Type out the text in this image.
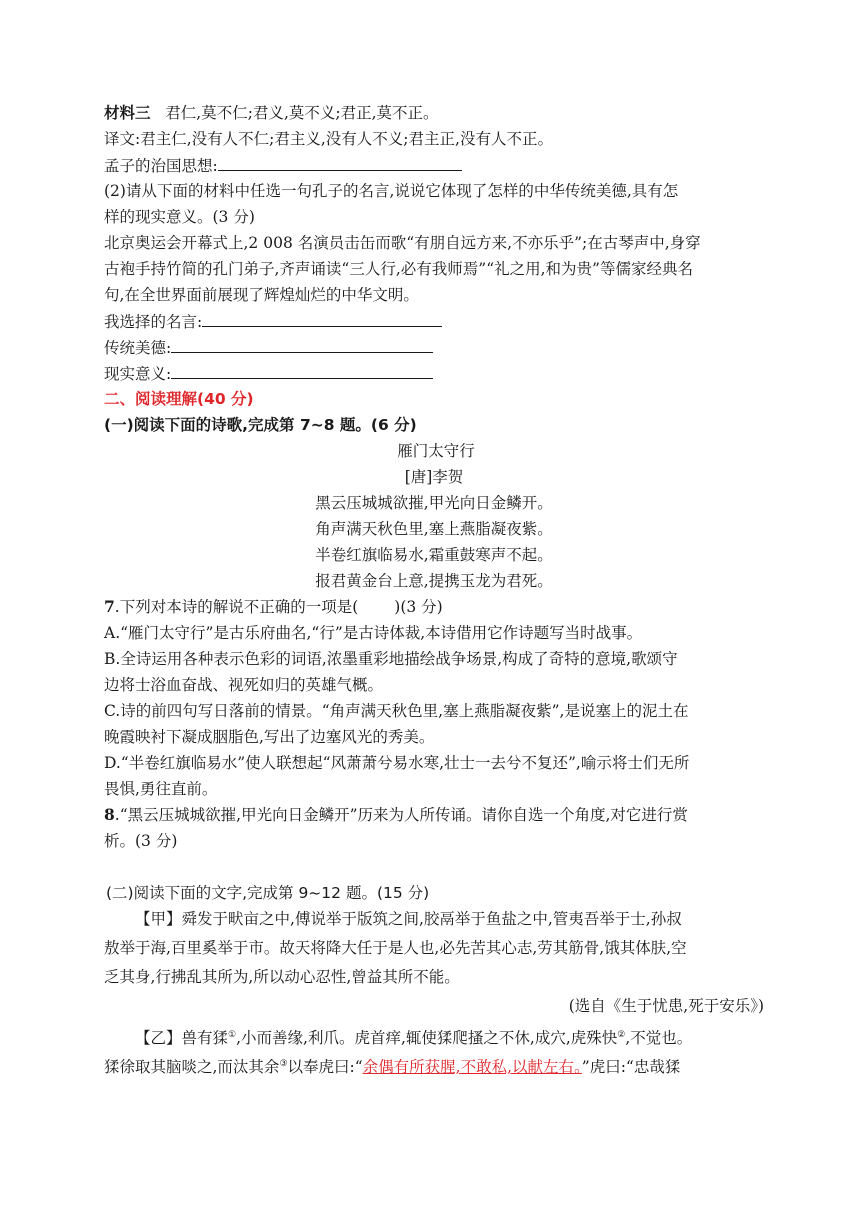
材料三 君仁,莫不仁;君义,莫不义;君正,莫不正。
译文:君主仁,没有人不仁;君主义,没有人不义;君主正,没有人不正。
孟子的治国思想:
(2)请从下面的材料中任选一句孔子的名言,说说它体现了怎样的中华传统美德,具有怎
样的现实意义。(3 分)
北京奥运会开幕式上,2 008 名演员击缶而歌“有朋自远方来,不亦乐乎”;在古琴声中,身穿
古袍手持竹简的孔门弟子,齐声诵读“三人行,必有我师焉”“礼之用,和为贵”等儒家经典名
句,在全世界面前展现了辉煌灿烂的中华文明。
我选择的名言:
传统美德:
现实意义:
二、阅读理解(40 分)
(一)阅读下面的诗歌,完成第 7~8 题。(6 分)
雁门太守行
[唐]李贺
黑云压城城欲摧,甲光向日金鳞开。
角声满天秋色里,塞上燕脂凝夜紫。
半卷红旗临易水,霜重鼓寒声不起。
报君黄金台上意,提携玉龙为君死。
7.下列对本诗的解说不正确的一项是( )(3 分)
A.“雁门太守行”是古乐府曲名,“行”是古诗体裁,本诗借用它作诗题写当时战事。
B.全诗运用各种表示色彩的词语,浓墨重彩地描绘战争场景,构成了奇特的意境,歌颂守
边将士浴血奋战、视死如归的英雄气概。
C.诗的前四句写日落前的情景。“角声满天秋色里,塞上燕脂凝夜紫”,是说塞上的泥土在
晚霞映衬下凝成胭脂色,写出了边塞风光的秀美。
D.“半卷红旗临易水”使人联想起“风萧萧兮易水寒,壮士一去兮不复还”,喻示将士们无所
畏惧,勇往直前。
8.“黑云压城城欲摧,甲光向日金鳞开”历来为人所传诵。请你自选一个角度,对它进行赏
析。(3 分)
(二)阅读下面的文字,完成第 9~12 题。(15 分)
【甲】舜发于畎亩之中,傅说举于版筑之间,胶鬲举于鱼盐之中,管夷吾举于士,孙叔
敖举于海,百里奚举于市。故天将降大任于是人也,必先苦其心志,劳其筋骨,饿其体肤,空
乏其身,行拂乱其所为,所以动心忍性,曾益其所不能。
(选自《生于忧患,死于安乐》)
【乙】兽有猱①,小而善缘,利爪。虎首痒,辄使猱爬搔之不休,成穴,虎殊快②,不觉也。
猱徐取其脑啖之,而汰其余③以奉虎曰:“余偶有所获腥,不敢私,以献左右。”虎曰:“忠哉猱
